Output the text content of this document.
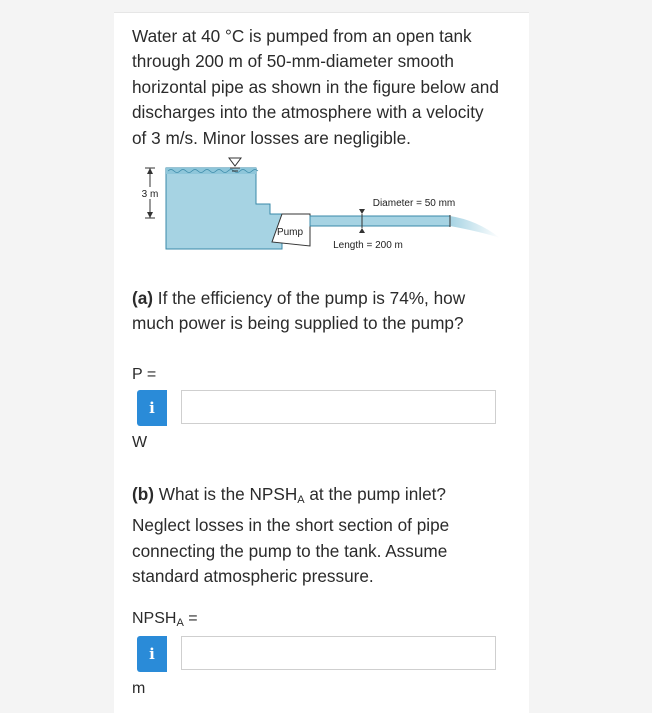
Water at 40 °C is pumped from an open tank through 200 m of 50-mm-diameter smooth horizontal pipe as shown in the figure below and discharges into the atmosphere with a velocity of 3 m/s. Minor losses are negligible.

3 m
Pump
Diameter = 50 mm
Length = 200 m

(a) If the efficiency of the pump is 74%, how much power is being supplied to the pump?

P =
i
W

(b) What is the $NPSH_A$ at the pump inlet? Neglect losses in the short section of pipe connecting the pump to the tank. Assume standard atmospheric pressure.

$NPSH_A$ =
i
m
